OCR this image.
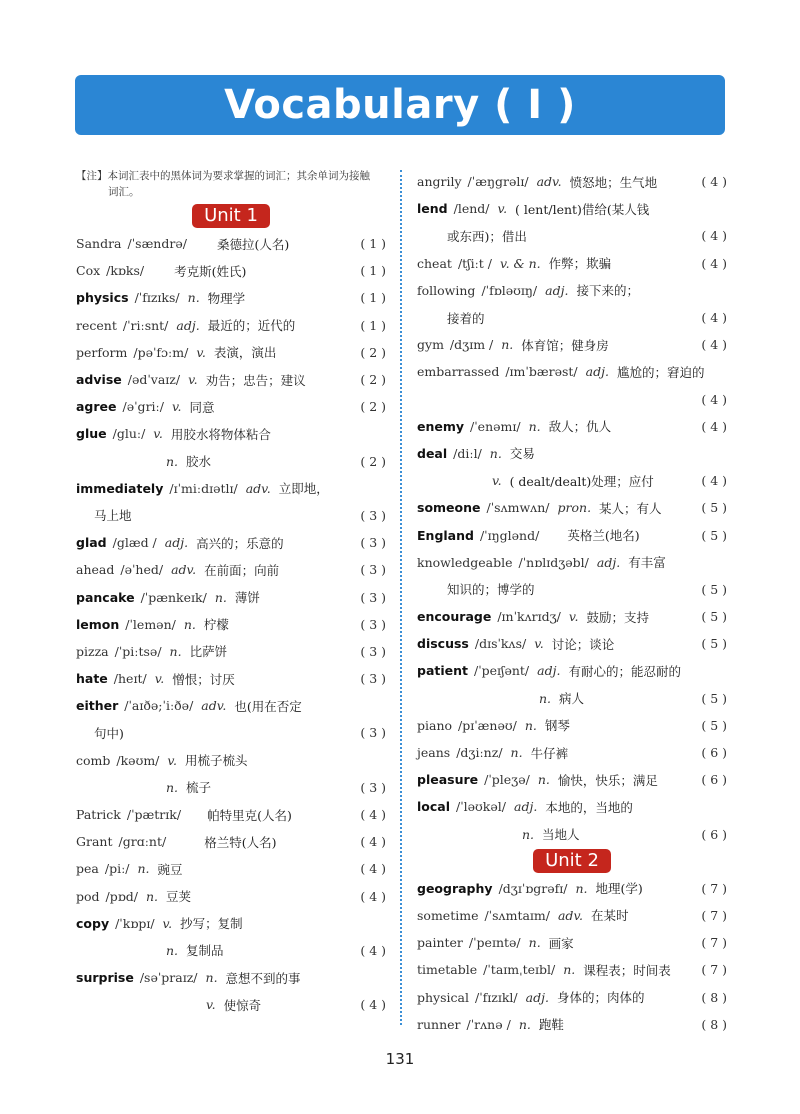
Vocabulary ( I )
【注】本词汇表中的黑体词为要求掌握的词汇；其余单词为接触
词汇。
Unit 1
Sandra /ˈsændrə/ 桑德拉(人名)	( 1 )
Cox /kɒks/ 考克斯(姓氏)	( 1 )
physics /ˈfɪzɪks/ n. 物理学	( 1 )
recent /ˈriːsnt/ adj. 最近的；近代的	( 1 )
perform /pəˈfɔːm/ v. 表演，演出	( 2 )
advise /ədˈvaɪz/ v. 劝告；忠告；建议	( 2 )
agree /əˈgriː/ v. 同意	( 2 )
glue /gluː/ v. 用胶水将物体粘合
n. 胶水	( 2 )
immediately /ɪˈmiːdɪətlɪ/ adv. 立即地，
马上地	( 3 )
glad /glæd / adj. 高兴的；乐意的	( 3 )
ahead /əˈhed/ adv. 在前面；向前	( 3 )
pancake /ˈpænkeɪk/ n. 薄饼	( 3 )
lemon /ˈlemən/ n. 柠檬	( 3 )
pizza /ˈpiːtsə/ n. 比萨饼	( 3 )
hate /heɪt/ v. 憎恨；讨厌	( 3 )
either /ˈaɪðə;ˈiːðə/ adv. 也(用在否定
句中)	( 3 )
comb /kəʊm/ v. 用梳子梳头
n. 梳子	( 3 )
Patrick /ˈpætrɪk/ 帕特里克(人名)	( 4 )
Grant /grɑːnt/	格兰特(人名)	( 4 )
pea /piː/ n. 豌豆	( 4 )
pod /pɒd/ n. 豆荚	( 4 )
copy /ˈkɒpɪ/ v. 抄写；复制
n. 复制品	( 4 )
surprise /səˈpraɪz/ n. 意想不到的事
v. 使惊奇	( 4 )
angrily /ˈæŋgrəlɪ/ adv. 愤怒地；生气地	( 4 )
lend /lend/ v. ( lent/lent)借给(某人钱
或东西)；借出	( 4 )
cheat /tʃiːt / v. & n. 作弊；欺骗	( 4 )
following /ˈfɒləʊɪŋ/ adj. 接下来的；
接着的	( 4 )
gym /dʒɪm / n. 体育馆；健身房	( 4 )
embarrassed /ɪmˈbærəst/ adj. 尴尬的；窘迫的
( 4 )
enemy /ˈenəmɪ/ n. 敌人；仇人	( 4 )
deal /diːl/ n. 交易
v. ( dealt/dealt)处理；应付	( 4 )
someone /ˈsʌmwʌn/ pron. 某人；有人	( 5 )
England /ˈɪŋglənd/ 英格兰(地名)	( 5 )
knowledgeable /ˈnɒlɪdʒəbl/ adj. 有丰富
知识的；博学的	( 5 )
encourage /ɪnˈkʌrɪdʒ/ v. 鼓励；支持	( 5 )
discuss /dɪsˈkʌs/ v. 讨论；谈论	( 5 )
patient /ˈpeɪʃənt/ adj. 有耐心的；能忍耐的
n. 病人	( 5 )
piano /pɪˈænəʊ/ n. 钢琴	( 5 )
jeans /dʒiːnz/ n. 牛仔裤	( 6 )
pleasure /ˈpleʒə/ n. 愉快，快乐；满足	( 6 )
local /ˈləʊkəl/ adj. 本地的，当地的
n. 当地人	( 6 )
Unit 2
geography /dʒɪˈɒgrəfɪ/ n. 地理(学)	( 7 )
sometime /ˈsʌmtaɪm/ adv. 在某时	( 7 )
painter /ˈpeɪntə/ n. 画家	( 7 )
timetable /ˈtaɪmˌteɪbl/ n. 课程表；时间表	( 7 )
physical /ˈfɪzɪkl/ adj. 身体的；肉体的	( 8 )
runner /ˈrʌnə / n. 跑鞋	( 8 )
131
